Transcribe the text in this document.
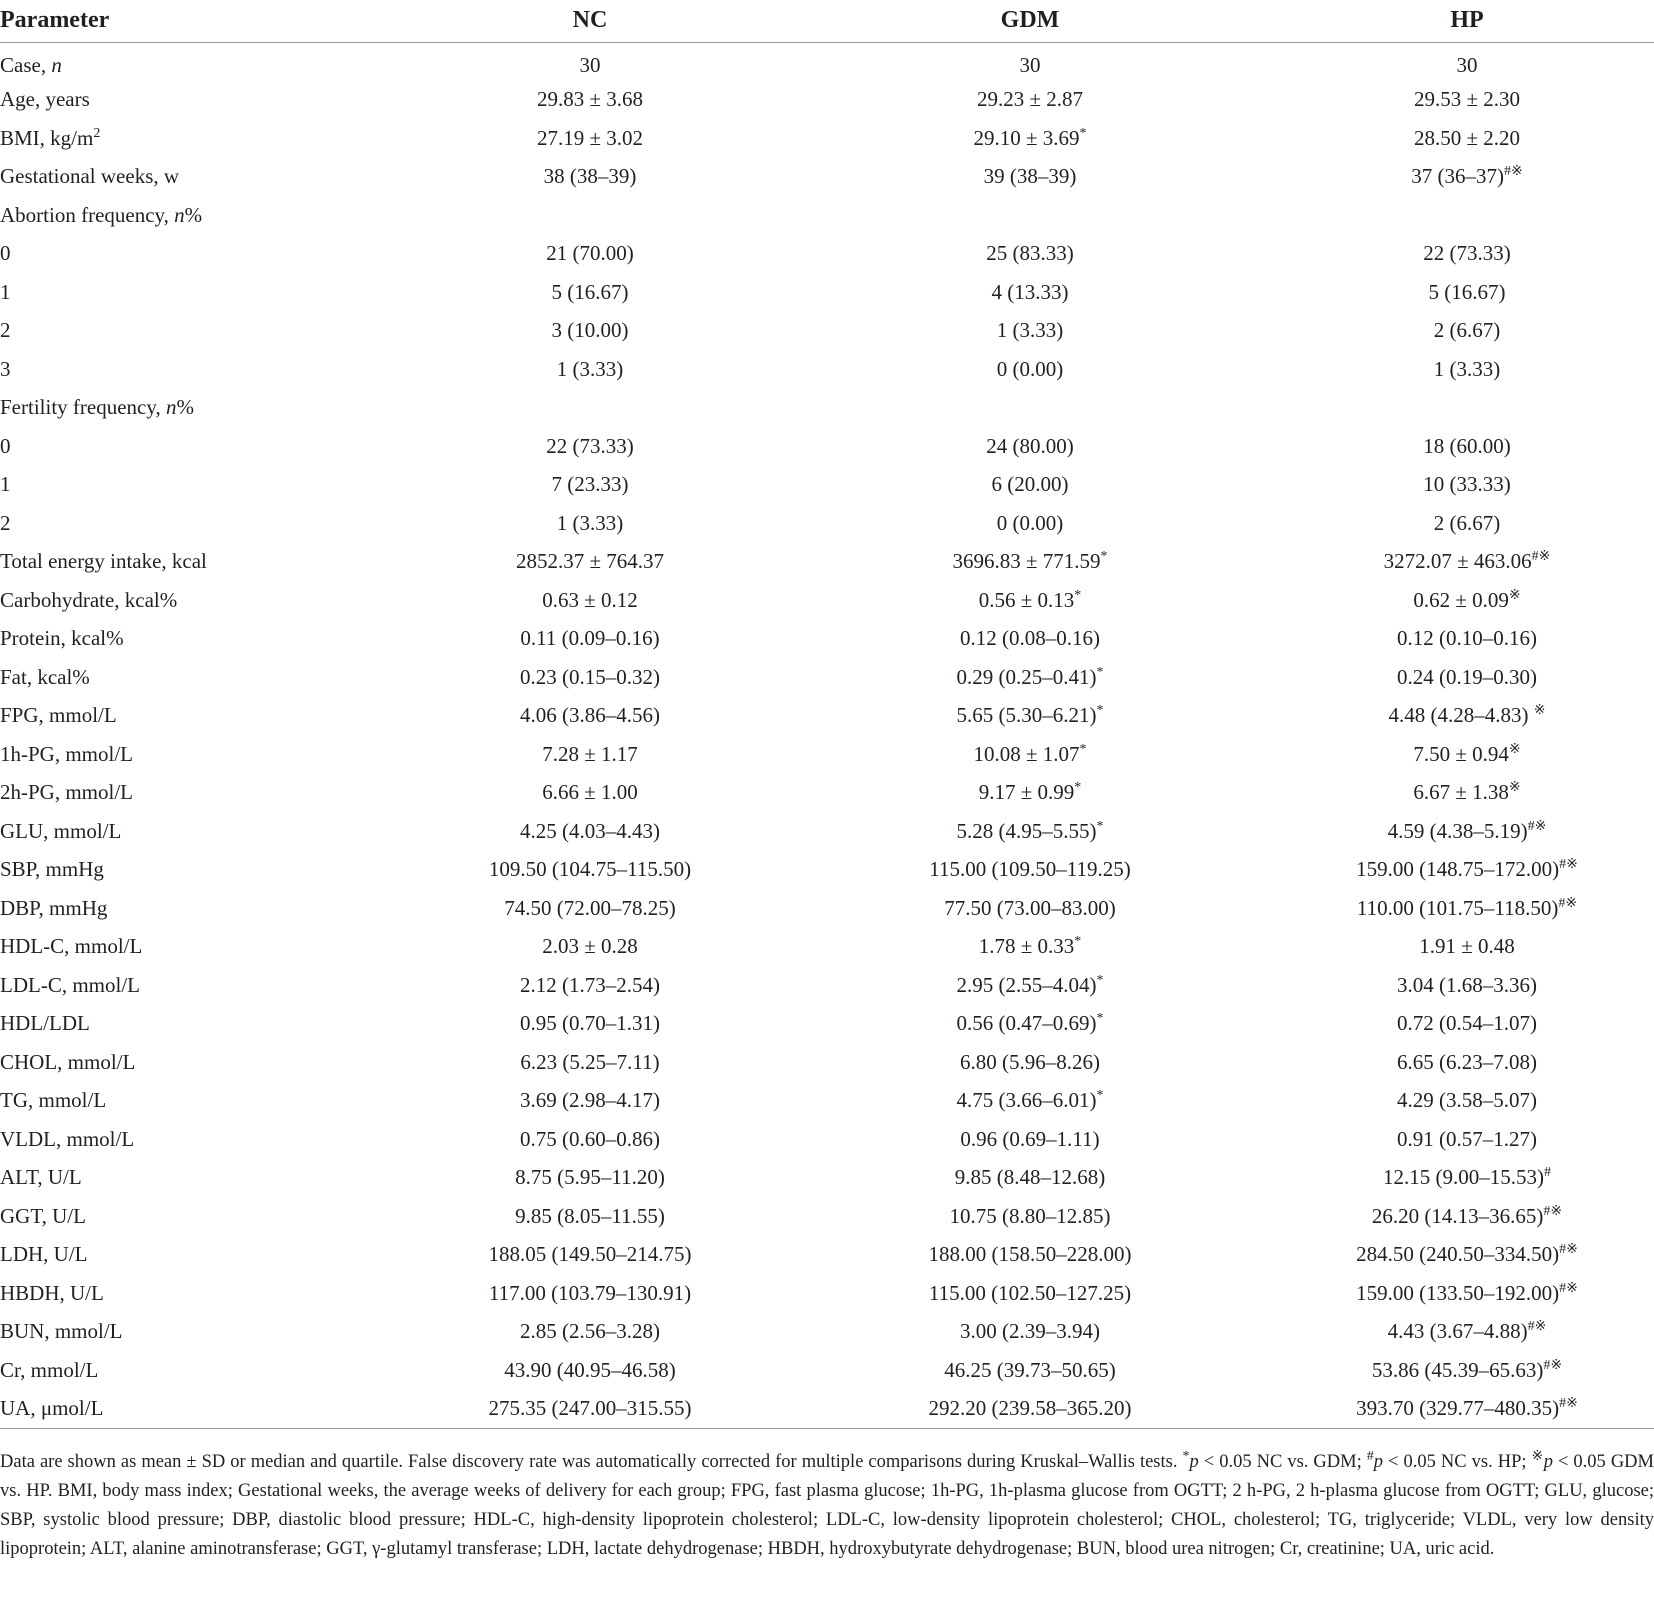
Parameter	NC	GDM	HP
Case, n	30	30	30
Age, years	29.83 ± 3.68	29.23 ± 2.87	29.53 ± 2.30
BMI, $kg/m^2$	27.19 ± 3.02	29.10 ± 3.69*	28.50 ± 2.20
Gestational weeks, w	38 (38–39)	39 (38–39)	37 (36–37)#※
Abortion frequency, n%			
0	21 (70.00)	25 (83.33)	22 (73.33)
1	5 (16.67)	4 (13.33)	5 (16.67)
2	3 (10.00)	1 (3.33)	2 (6.67)
3	1 (3.33)	0 (0.00)	1 (3.33)
Fertility frequency, n%			
0	22 (73.33)	24 (80.00)	18 (60.00)
1	7 (23.33)	6 (20.00)	10 (33.33)
2	1 (3.33)	0 (0.00)	2 (6.67)
Total energy intake, kcal	2852.37 ± 764.37	3696.83 ± 771.59*	3272.07 ± 463.06#※
Carbohydrate, kcal%	0.63 ± 0.12	0.56 ± 0.13*	0.62 ± 0.09※
Protein, kcal%	0.11 (0.09–0.16)	0.12 (0.08–0.16)	0.12 (0.10–0.16)
Fat, kcal%	0.23 (0.15–0.32)	0.29 (0.25–0.41)*	0.24 (0.19–0.30)
FPG, mmol/L	4.06 (3.86–4.56)	5.65 (5.30–6.21)*	4.48 (4.28–4.83) ※
1h-PG, mmol/L	7.28 ± 1.17	10.08 ± 1.07*	7.50 ± 0.94※
2h-PG, mmol/L	6.66 ± 1.00	9.17 ± 0.99*	6.67 ± 1.38※
GLU, mmol/L	4.25 (4.03–4.43)	5.28 (4.95–5.55)*	4.59 (4.38–5.19)#※
SBP, mmHg	109.50 (104.75–115.50)	115.00 (109.50–119.25)	159.00 (148.75–172.00)#※
DBP, mmHg	74.50 (72.00–78.25)	77.50 (73.00–83.00)	110.00 (101.75–118.50)#※
HDL-C, mmol/L	2.03 ± 0.28	1.78 ± 0.33*	1.91 ± 0.48
LDL-C, mmol/L	2.12 (1.73–2.54)	2.95 (2.55–4.04)*	3.04 (1.68–3.36)
HDL/LDL	0.95 (0.70–1.31)	0.56 (0.47–0.69)*	0.72 (0.54–1.07)
CHOL, mmol/L	6.23 (5.25–7.11)	6.80 (5.96–8.26)	6.65 (6.23–7.08)
TG, mmol/L	3.69 (2.98–4.17)	4.75 (3.66–6.01)*	4.29 (3.58–5.07)
VLDL, mmol/L	0.75 (0.60–0.86)	0.96 (0.69–1.11)	0.91 (0.57–1.27)
ALT, U/L	8.75 (5.95–11.20)	9.85 (8.48–12.68)	12.15 (9.00–15.53)#
GGT, U/L	9.85 (8.05–11.55)	10.75 (8.80–12.85)	26.20 (14.13–36.65)#※
LDH, U/L	188.05 (149.50–214.75)	188.00 (158.50–228.00)	284.50 (240.50–334.50)#※
HBDH, U/L	117.00 (103.79–130.91)	115.00 (102.50–127.25)	159.00 (133.50–192.00)#※
BUN, mmol/L	2.85 (2.56–3.28)	3.00 (2.39–3.94)	4.43 (3.67–4.88)#※
Cr, mmol/L	43.90 (40.95–46.58)	46.25 (39.73–50.65)	53.86 (45.39–65.63)#※
UA, μmol/L	275.35 (247.00–315.55)	292.20 (239.58–365.20)	393.70 (329.77–480.35)#※

Data are shown as mean ± SD or median and quartile. False discovery rate was automatically corrected for multiple comparisons during Kruskal–Wallis tests. *p < 0.05 NC vs. GDM; #p < 0.05 NC vs. HP; ※p < 0.05 GDM vs. HP. BMI, body mass index; Gestational weeks, the average weeks of delivery for each group; FPG, fast plasma glucose; 1h-PG, 1h-plasma glucose from OGTT; 2 h-PG, 2 h-plasma glucose from OGTT; GLU, glucose; SBP, systolic blood pressure; DBP, diastolic blood pressure; HDL-C, high-density lipoprotein cholesterol; LDL-C, low-density lipoprotein cholesterol; CHOL, cholesterol; TG, triglyceride; VLDL, very low density lipoprotein; ALT, alanine aminotransferase; GGT, γ-glutamyl transferase; LDH, lactate dehydrogenase; HBDH, hydroxybutyrate dehydrogenase; BUN, blood urea nitrogen; Cr, creatinine; UA, uric acid.
